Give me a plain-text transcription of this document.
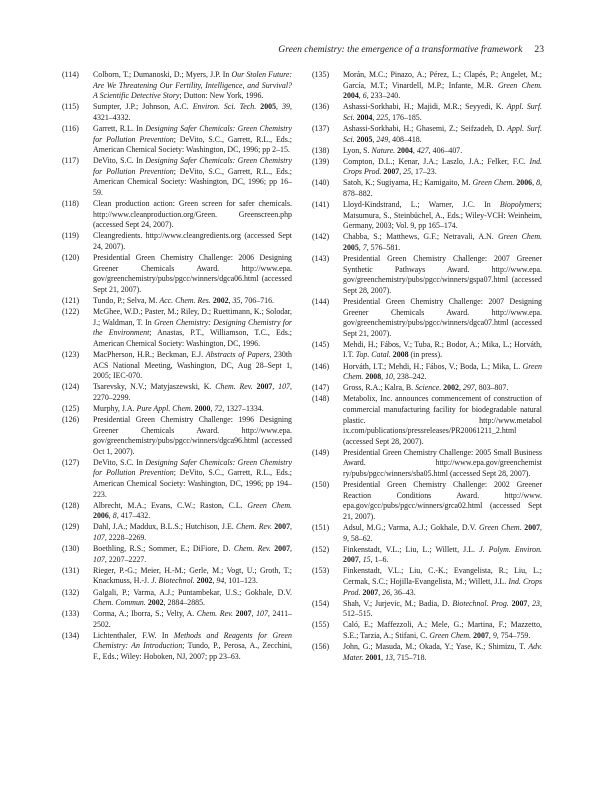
Green chemistry: the emergence of a transformative framework 23
( 114 )	Colborn, T.; Dumanoski, D.; Myers, J.P. In Our Stolen Future: Are We Threatening Our Fertility, Intelligence, and Survival? A Scientific Detective Story; Dutton: New York, 1996.
( 115 )	Sumpter, J.P.; Johnson, A.C. Environ. Sci. Tech. 2005, 39, 4321–4332.
( 116 )	Garrett, R.L. In Designing Safer Chemicals: Green Chemistry for Pollution Prevention; DeVito, S.C., Garrett, R.L., Eds.; American Chemical Society: Washington, DC, 1996; pp 2–15.
( 117 )	DeVito, S.C. In Designing Safer Chemicals: Green Chemistry for Pollution Prevention; DeVito, S.C., Garrett, R.L., Eds.; American Chemical Society: Washington, DC, 1996; pp 16–59.
( 118 )	Clean production action: Green screen for safer chemicals. http://www.cleanproduction.org/Green. Greenscreen.php (accessed Sept 24, 2007).
( 119 )	Cleangredients. http://www.cleangredients.org (accessed Sept 24, 2007).
( 120 )	Presidential Green Chemistry Challenge: 2006 Designing Greener Chemicals Award. http://www.epa. gov/greenchemistry/pubs/pgcc/winners/dgca06.html (accessed Sept 21, 2007).
( 121 )	Tundo, P.; Selva, M. Acc. Chem. Res. 2002, 35, 706–716.
( 122 )	McGhee, W.D.; Paster, M.; Riley, D.; Ruettimann, K.; Solodar, J.; Waldman, T. In Green Chemistry: Designing Chemistry for the Environment; Anastas, P.T., Williamson, T.C., Eds.; American Chemical Society: Washington, DC, 1996.
( 123 )	MacPherson, H.R.; Beckman, E.J. Abstracts of Papers, 230th ACS National Meeting, Washington, DC, Aug 28–Sept 1, 2005; IEC-070.
( 124 )	Tsarevsky, N.V.; Matyjaszewski, K. Chem. Rev. 2007, 107, 2270–2299.
( 125 )	Murphy, J.A. Pure Appl. Chem. 2000, 72, 1327–1334.
( 126 )	Presidential Green Chemistry Challenge: 1996 Designing Greener Chemicals Award. http://www.epa. gov/greenchemistry/pubs/pgcc/winners/dgca96.html (accessed Oct 1, 2007).
( 127 )	DeVito, S.C. In Designing Safer Chemicals: Green Chemistry for Pollution Prevention; DeVito, S.C., Garrett, R.L., Eds.; American Chemical Society: Washington, DC, 1996; pp 194–223.
( 128 )	Albrecht, M.A.; Evans, C.W.; Raston, C.L. Green Chem. 2006, 8, 417–432.
( 129 )	Dahl, J.A.; Maddux, B.L.S.; Hutchison, J.E. Chem. Rev. 2007, 107, 2228–2269.
( 130 )	Boethling, R.S.; Sommer, E.; DiFiore, D. Chem. Rev. 2007, 107, 2207–2227.
( 131 )	Rieger, P.-G.; Meier, H.-M.; Gerle, M.; Vogt, U.; Groth, T.; Knackmuss, H.-J. J. Biotechnol. 2002, 94, 101–123.
( 132 )	Galgali, P.; Varma, A.J.; Puntambekar, U.S.; Gokhale, D.V. Chem. Commun. 2002, 2884–2885.
( 133 )	Corma, A.; Iborra, S.; Velty, A. Chem. Rev. 2007, 107, 2411–2502.
( 134 )	Lichtenthaler, F.W. In Methods and Reagents for Green Chemistry: An Introduction; Tundo, P., Perosa, A., Zecchini, F., Eds.; Wiley: Hoboken, NJ, 2007; pp 23–63.
( 135 )	Morán, M.C.; Pinazo, A.; Pérez, L.; Clapés, P.; Angelet, M.; García, M.T.; Vinardell, M.P.; Infante, M.R. Green Chem. 2004, 6, 233–240.
( 136 )	Ashassi-Sorkhabi, H.; Majidi, M.R.; Seyyedi, K. Appl. Surf. Sci. 2004, 225, 176–185.
( 137 )	Ashassi-Sorkhabi, H.; Ghasemi, Z.; Seifzadeh, D. Appl. Surf. Sci. 2005, 249, 408–418.
( 138 )	Lyon, S. Nature. 2004, 427, 406–407.
( 139 )	Compton, D.L.; Kenar, J.A.; Laszlo, J.A.; Felker, F.C. Ind. Crops Prod. 2007, 25, 17–23.
( 140 )	Satoh, K.; Sugiyama, H.; Kamigaito, M. Green Chem. 2006, 8, 878–882.
( 141 )	Lloyd-Kindstrand, L.; Warner, J.C. In Biopolymers; Matsumura, S., Steinbüchel, A., Eds.; Wiley-VCH: Weinheim, Germany, 2003; Vol. 9, pp 165–174.
( 142 )	Chabba, S.; Matthews, G.F.; Netravali, A.N. Green Chem. 2005, 7, 576–581.
( 143 )	Presidential Green Chemistry Challenge: 2007 Greener Synthetic Pathways Award. http://www.epa. gov/greenchemistry/pubs/pgcc/winners/gspa07.html (accessed Sept 28, 2007).
( 144 )	Presidential Green Chemistry Challenge: 2007 Designing Greener Chemicals Award. http://www.epa. gov/greenchemistry/pubs/pgcc/winners/dgca07.html (accessed Sept 21, 2007).
( 145 )	Mehdi, H.; Fábos, V.; Tuba, R.; Bodor, A.; Mika, L.; Horváth, I.T. Top. Catal. 2008 (in press).
( 146 )	Horváth, I.T.; Mehdi, H.; Fábos, V.; Boda, L.; Mika, L. Green Chem. 2008, 10, 238–242.
( 147 )	Gross, R.A.; Kalra, B. Science. 2002, 297, 803–807.
( 148 )	Metabolix, Inc. announces commencement of construction of commercial manufacturing facility for biodegradable natural plastic. http://www.metabol ix.com/publications/pressreleases/PR20061211_2.html (accessed Sept 28, 2007).
( 149 )	Presidential Green Chemistry Challenge: 2005 Small Business Award. http://www.epa.gov/greenchemist ry/pubs/pgcc/winners/sba05.html (accessed Sept 28, 2007).
( 150 )	Presidential Green Chemistry Challenge: 2002 Greener Reaction Conditions Award. http://www. epa.gov/gcc/pubs/pgcc/winners/grca02.html (accessed Sept 21, 2007).
( 151 )	Adsul, M.G.; Varma, A.J.; Gokhale, D.V. Green Chem. 2007, 9, 58–62.
( 152 )	Finkenstadt, V.L.; Liu, L.; Willett, J.L. J. Polym. Environ. 2007, 15, 1–6.
( 153 )	Finkenstadt, V.L.; Liu, C.-K.; Evangelista, R.; Liu, L.; Cermak, S.C.; Hojilla-Evangelista, M.; Willett, J.L. Ind. Crops Prod. 2007, 26, 36–43.
( 154 )	Shah, V.; Jurjevic, M.; Badia, D. Biotechnol. Prog. 2007, 23, 512–515.
( 155 )	Caló, E.; Maffezzoli, A.; Mele, G.; Martina, F.; Mazzetto, S.E.; Tarzia, A.; Stifani, C. Green Chem. 2007, 9, 754–759.
( 156 )	John, G.; Masuda, M.; Okada, Y.; Yase, K.; Shimizu, T. Adv. Mater. 2001, 13, 715–718.
